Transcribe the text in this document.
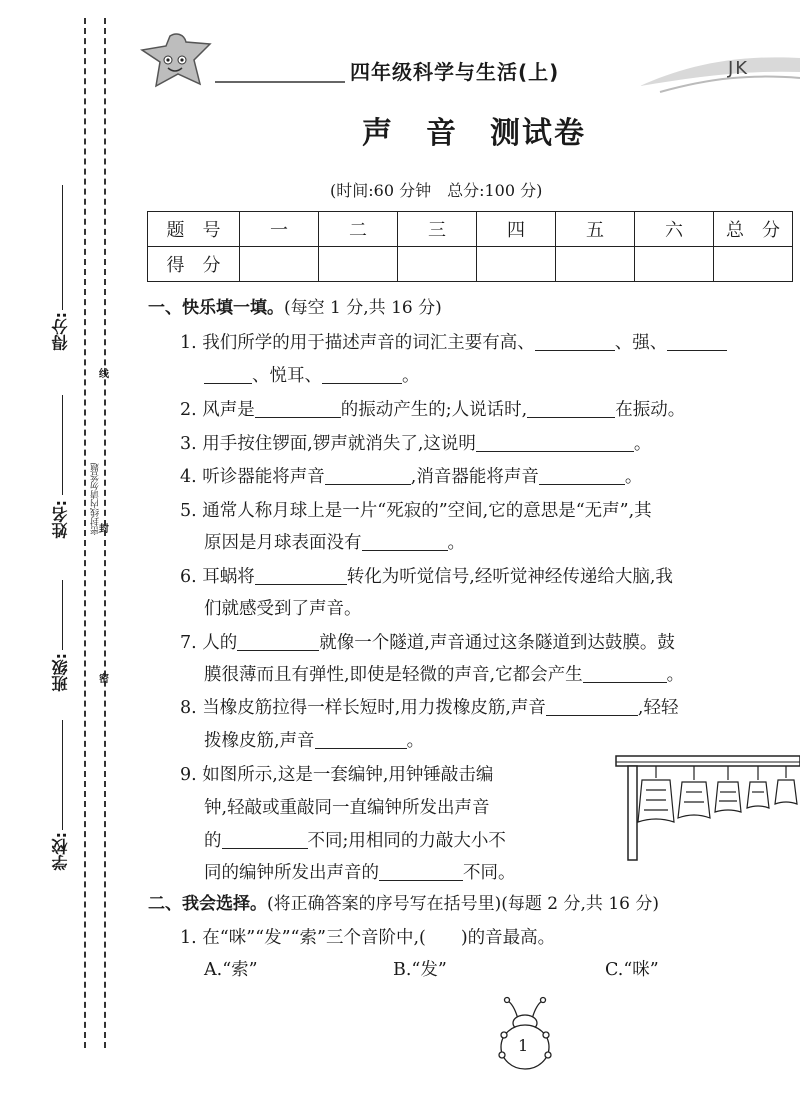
得分:
姓名:
班级:
学校:
密封线内请勿答题
线
封
密
四年级科学与生活(上)	JK
声　音　测试卷
(时间:60 分钟　总分:100 分)
题　号	一	二	三	四	五	六	总　分
得　分							
一、快乐填一填。(每空 1 分,共 16 分)
1. 我们所学的用于描述声音的词汇主要有高、	、强、
、悦耳、	。
2. 风声是	的振动产生的;人说话时,	在振动。
3. 用手按住锣面,锣声就消失了,这说明	。
4. 听诊器能将声音	,消音器能将声音	。
5. 通常人称月球上是一片“死寂的”空间,它的意思是“无声”,其
原因是月球表面没有	。
6. 耳蜗将	转化为听觉信号,经听觉神经传递给大脑,我
们就感受到了声音。
7. 人的	就像一个隧道,声音通过这条隧道到达鼓膜。鼓
膜很薄而且有弹性,即使是轻微的声音,它都会产生	。
8. 当橡皮筋拉得一样长短时,用力拨橡皮筋,声音	,轻轻
拨橡皮筋,声音	。
9. 如图所示,这是一套编钟,用钟锤敲击编
钟,轻敲或重敲同一直编钟所发出声音
的	不同;用相同的力敲大小不
同的编钟所发出声音的	不同。
二、我会选择。(将正确答案的序号写在括号里)(每题 2 分,共 16 分)
1. 在“咪”“发”“索”三个音阶中,(　　)的音最高。
A.“索”	B.“发”	C.“咪”
1
